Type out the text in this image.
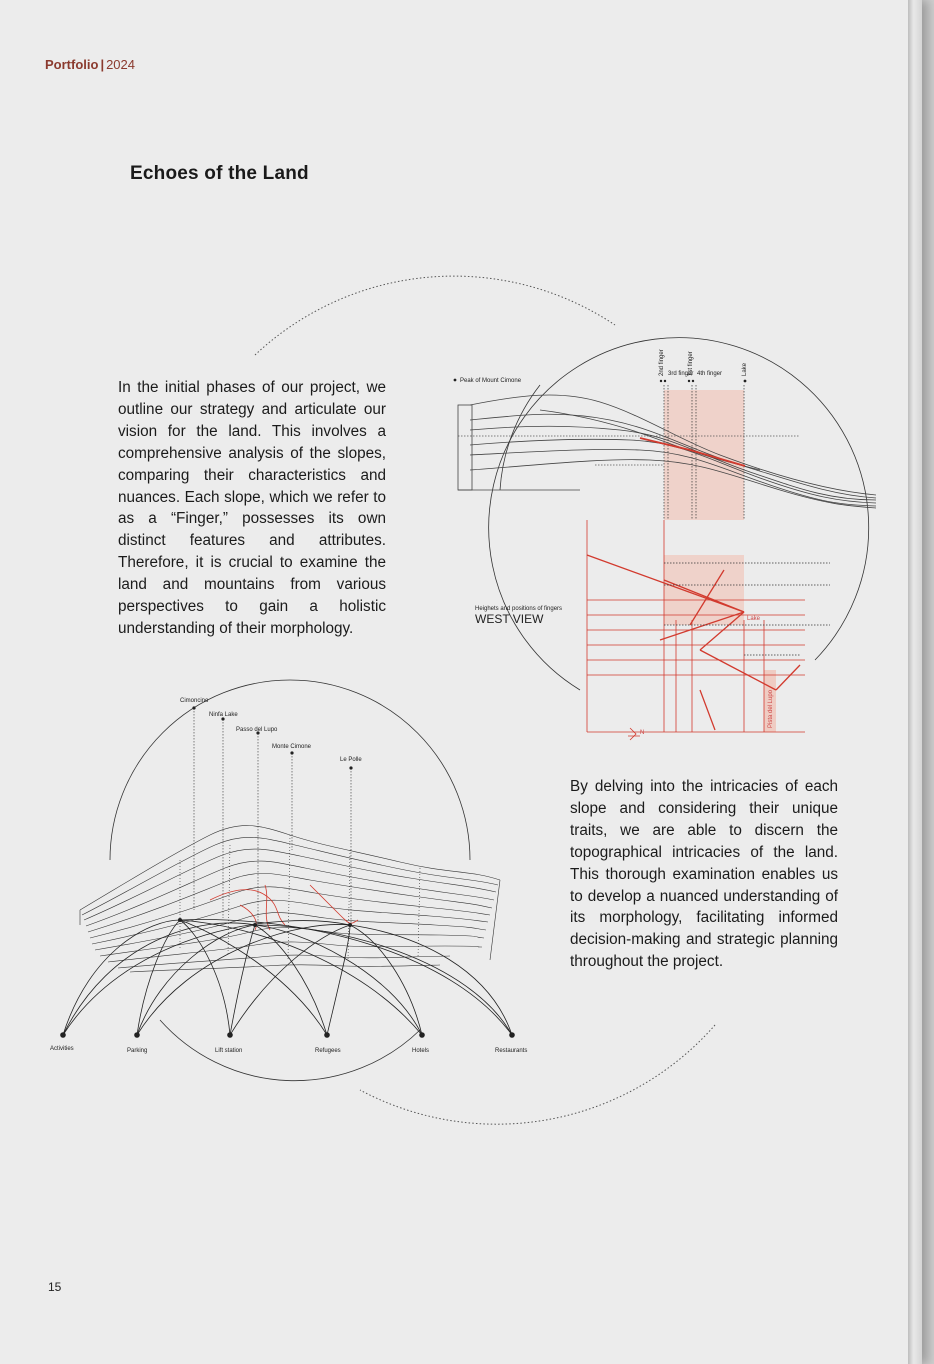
Portfolio | 2024
Echoes of the Land

In the initial phases of our project, we outline our strategy and articulate our vision for the land. This involves a comprehensive analysis of the slopes, comparing their characteristics and nuances. Each slope, which we refer to as a “Finger,” possesses its own distinct features and attributes. Therefore, it is crucial to examine the land and mountains from various perspectives to gain a holistic understanding of their morphology.

By delving into the intricacies of each slope and considering their unique traits, we are able to discern the topographical intricacies of the land. This thorough examination enables us to develop a nuanced understanding of its morphology, facilitating informed decision-making and strategic planning throughout the project.

Peak of Mount Cimone
2nd finger 3rd finger
1st finger 4th finger	Lake
Heighets and positions of fingers
WEST VIEW	Lake
Pista del Lupo
N
Cimoncino
Ninfa Lake
Passo del Lupo
Monte Cimone
Le Polle
Activities	Parking	Lift station	Refugees	Hotels	Restaurants
15
